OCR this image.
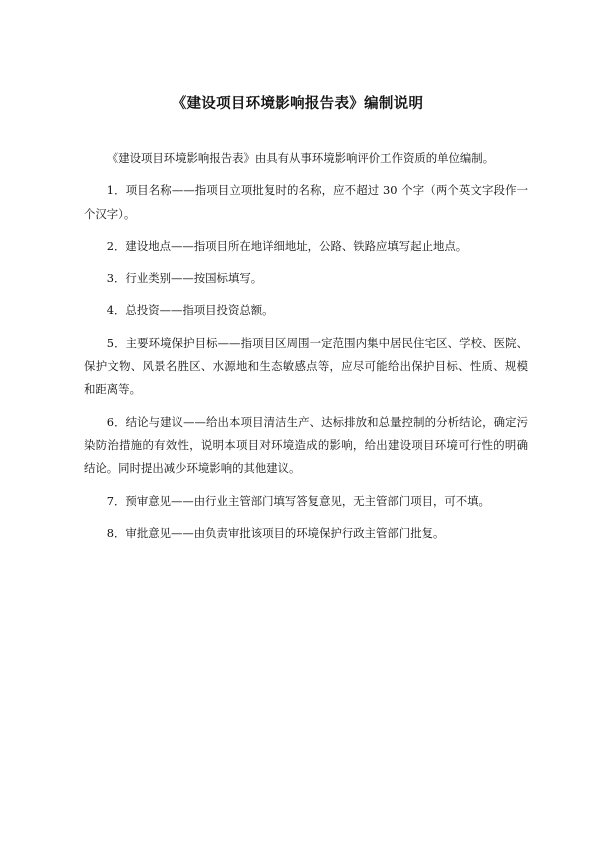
《建设项目环境影响报告表》编制说明

《建设项目环境影响报告表》由具有从事环境影响评价工作资质的单位编制。

1．项目名称——指项目立项批复时的名称，应不超过 30 个字（两个英文字段作一个汉字）。

2．建设地点——指项目所在地详细地址，公路、铁路应填写起止地点。

3．行业类别——按国标填写。

4．总投资——指项目投资总额。

5．主要环境保护目标——指项目区周围一定范围内集中居民住宅区、学校、医院、保护文物、风景名胜区、水源地和生态敏感点等，应尽可能给出保护目标、性质、规模和距离等。

6．结论与建议——给出本项目清洁生产、达标排放和总量控制的分析结论，确定污染防治措施的有效性，说明本项目对环境造成的影响，给出建设项目环境可行性的明确结论。同时提出减少环境影响的其他建议。

7．预审意见——由行业主管部门填写答复意见，无主管部门项目，可不填。

8．审批意见——由负责审批该项目的环境保护行政主管部门批复。
